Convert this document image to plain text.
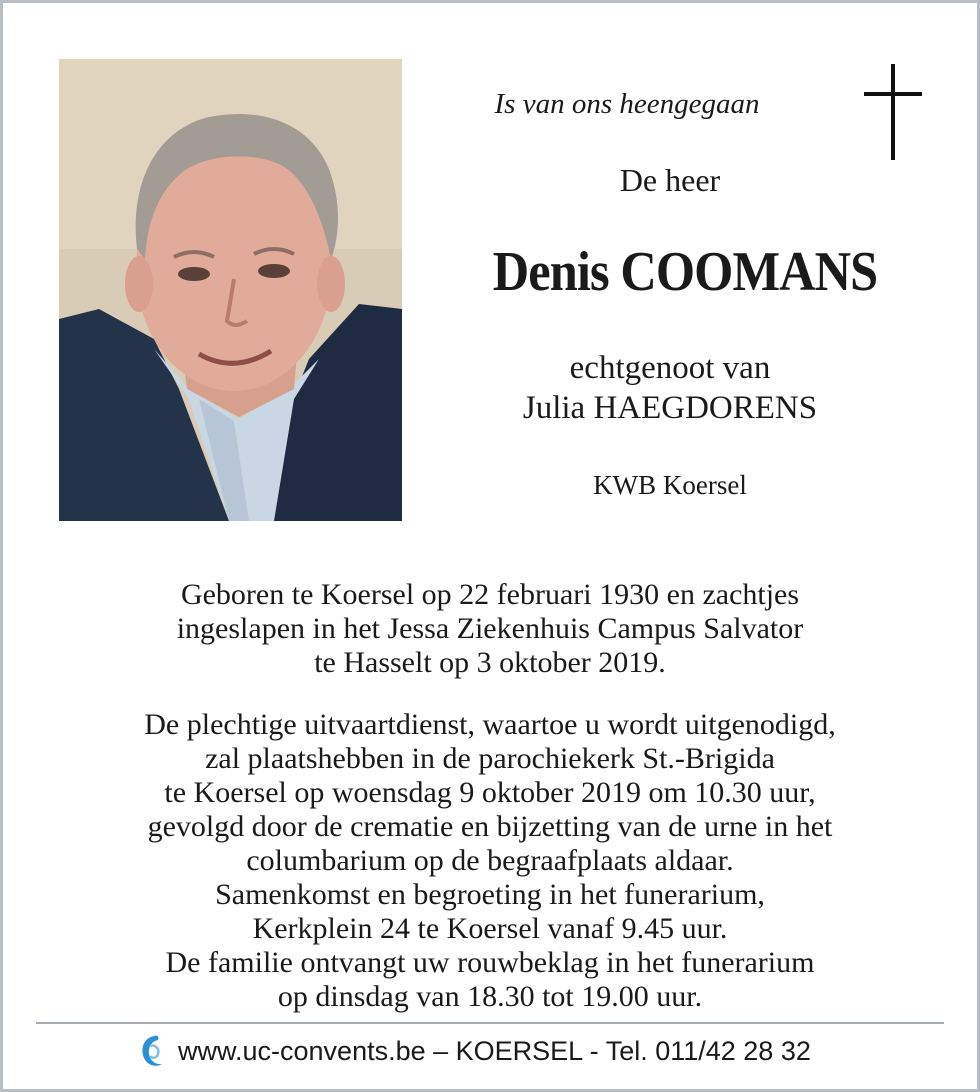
Is van ons heengegaan
De heer
Denis COOMANS
echtgenoot van
Julia HAEGDORENS
KWB Koersel
Geboren te Koersel op 22 februari 1930 en zachtjes
ingeslapen in het Jessa Ziekenhuis Campus Salvator
te Hasselt op 3 oktober 2019.
De plechtige uitvaartdienst, waartoe u wordt uitgenodigd,
zal plaatshebben in de parochiekerk St.-Brigida
te Koersel op woensdag 9 oktober 2019 om 10.30 uur,
gevolgd door de crematie en bijzetting van de urne in het
columbarium op de begraafplaats aldaar.
Samenkomst en begroeting in het funerarium,
Kerkplein 24 te Koersel vanaf 9.45 uur.
De familie ontvangt uw rouwbeklag in het funerarium
op dinsdag van 18.30 tot 19.00 uur.
www.uc-convents.be – KOERSEL - Tel. 011/42 28 32
